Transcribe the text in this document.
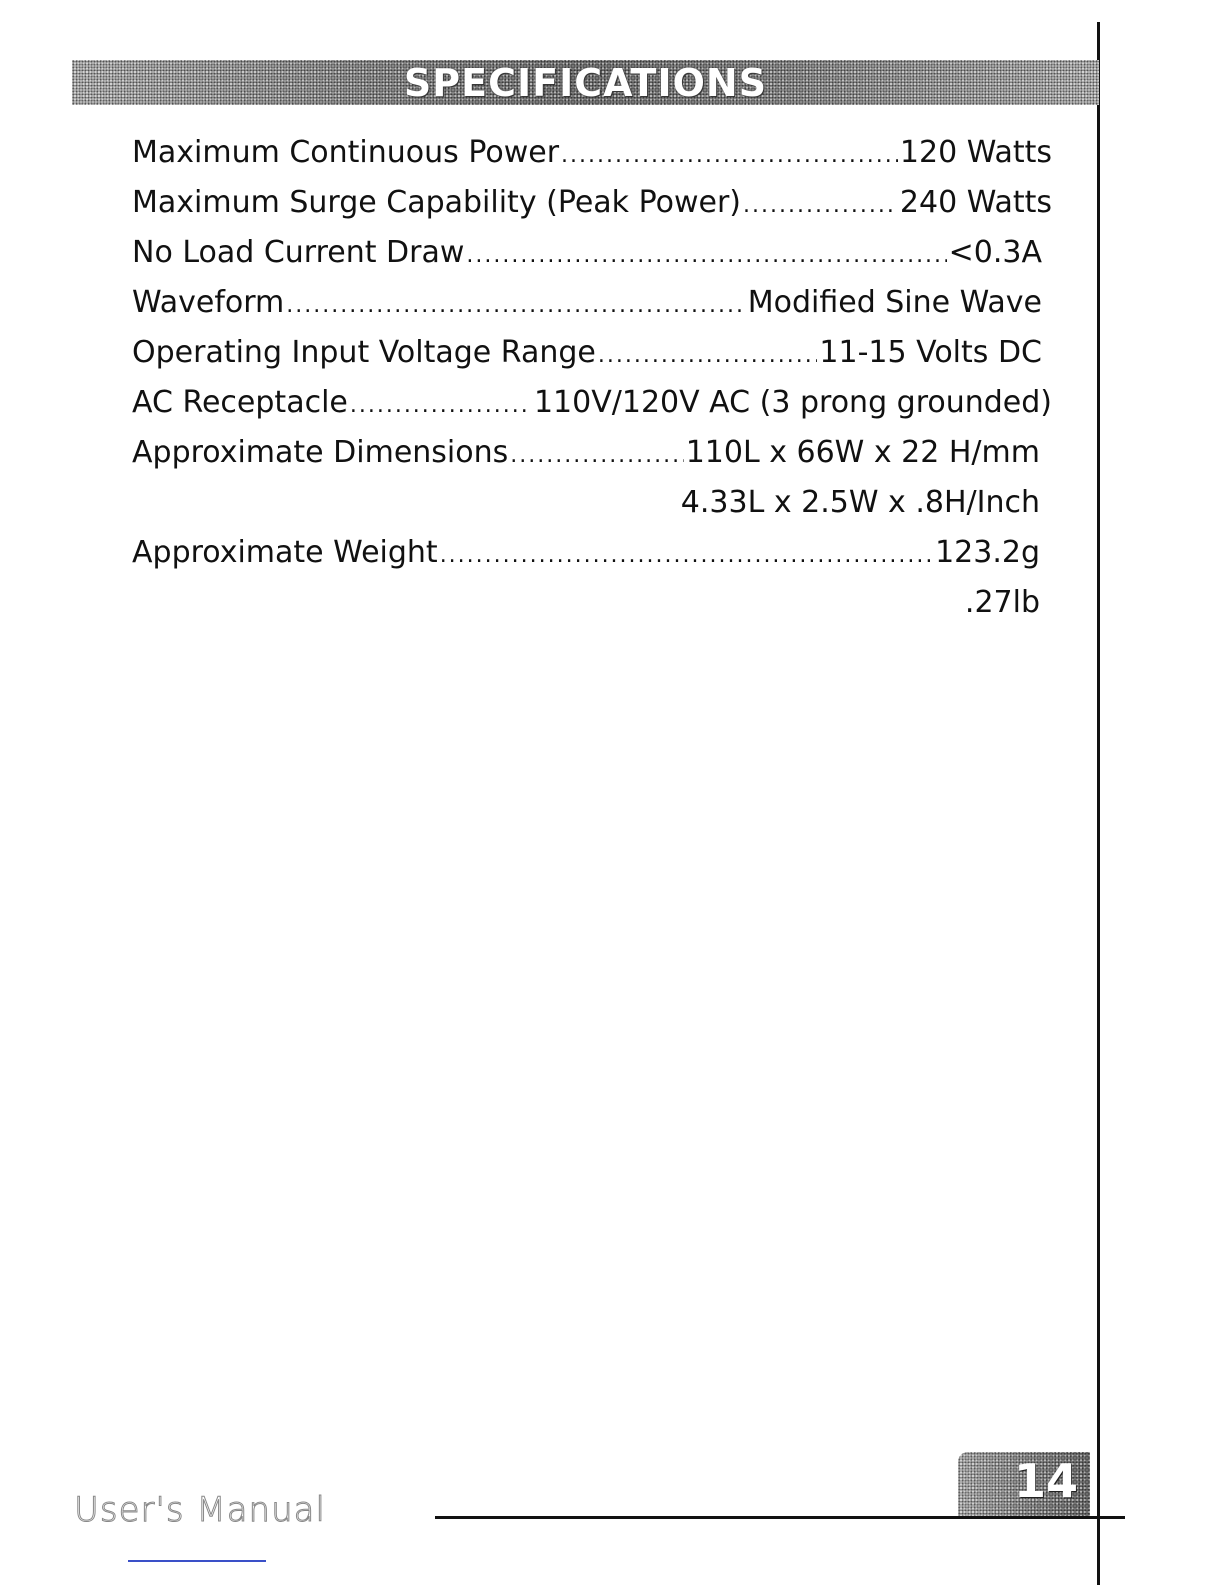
SPECIFICATIONS
Maximum Continuous Power .....	120 Watts
Maximum Surge Capability (Peak Power) .....	240 Watts
No Load Current Draw .....	<0.3A
Waveform .....	Modified Sine Wave
Operating Input Voltage Range .....	11-15 Volts DC
AC Receptacle .....	110V/120V AC (3 prong grounded)
Approximate Dimensions .....	110L x 66W x 22 H/mm
4.33L x 2.5W x .8H/Inch
Approximate Weight .....	123.2g
.27lb
User's Manual
14
